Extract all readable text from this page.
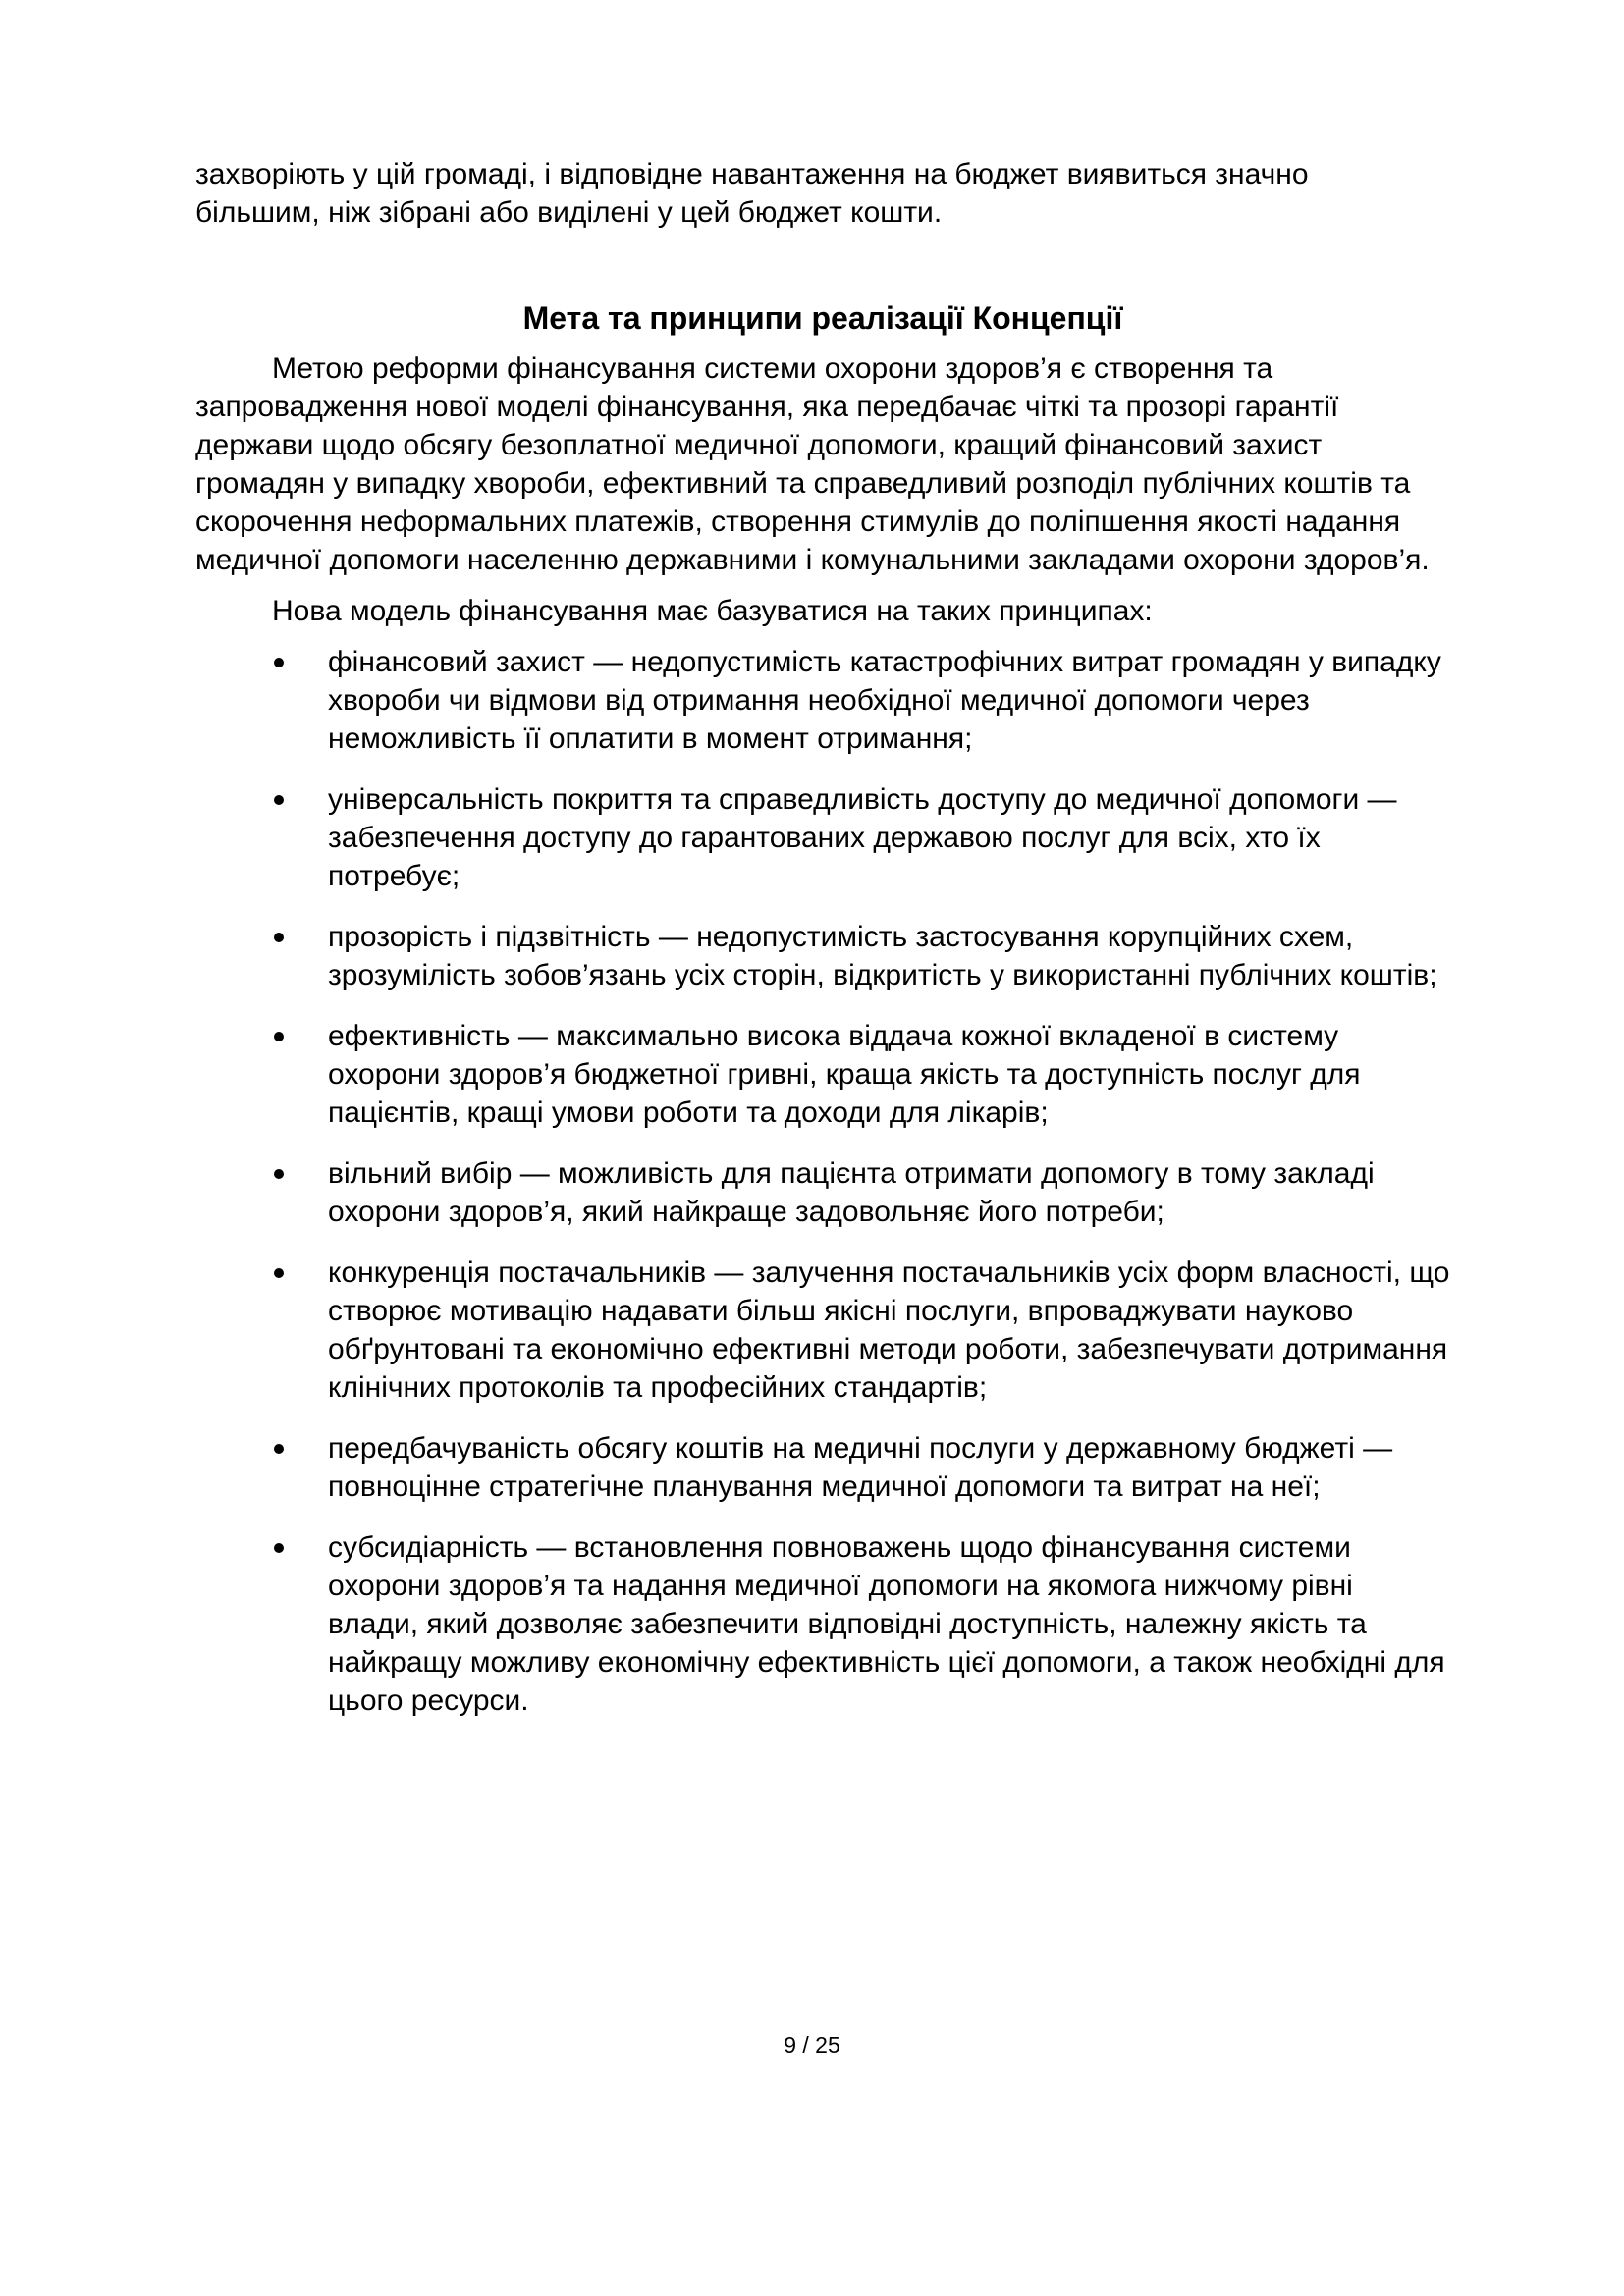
захворіють у цій громаді, і відповідне навантаження на бюджет виявиться значно
більшим, ніж зібрані або виділені у цей бюджет кошти.

Мета та принципи реалізації Концепції

Метою реформи фінансування системи охорони здоров’я є створення та запровадження нової моделі фінансування, яка передбачає чіткі та прозорі гарантії держави щодо обсягу безоплатної медичної допомоги, кращий фінансовий захист громадян у випадку хвороби, ефективний та справедливий розподіл публічних коштів та скорочення неформальних платежів, створення стимулів до поліпшення якості надання медичної допомоги населенню державними і комунальними закладами охорони здоров’я.

Нова модель фінансування має базуватися на таких принципах:

фінансовий захист — недопустимість катастрофічних витрат громадян у випадку хвороби чи відмови від отримання необхідної медичної допомоги через неможливість її оплатити в момент отримання;
універсальність покриття та справедливість доступу до медичної допомоги — забезпечення доступу до гарантованих державою послуг для всіх, хто їх потребує;
прозорість і підзвітність — недопустимість застосування корупційних схем, зрозумілість зобов’язань усіх сторін, відкритість у використанні публічних коштів;
ефективність — максимально висока віддача кожної вкладеної в систему охорони здоров’я бюджетної гривні, краща якість та доступність послуг для пацієнтів, кращі умови роботи та доходи для лікарів;
вільний вибір — можливість для пацієнта отримати допомогу в тому закладі охорони здоров’я, який найкраще задовольняє його потреби;
конкуренція постачальників — залучення постачальників усіх форм власності, що створює мотивацію надавати більш якісні послуги, впроваджувати науково обґрунтовані та економічно ефективні методи роботи, забезпечувати дотримання клінічних протоколів та професійних стандартів;
передбачуваність обсягу коштів на медичні послуги у державному бюджеті — повноцінне стратегічне планування медичної допомоги та витрат на неї;
субсидіарність — встановлення повноважень щодо фінансування системи охорони здоров’я та надання медичної допомоги на якомога нижчому рівні влади, який дозволяє забезпечити відповідні доступність, належну якість та найкращу можливу економічну ефективність цієї допомоги, а також необхідні для цього ресурси.
9 / 25
